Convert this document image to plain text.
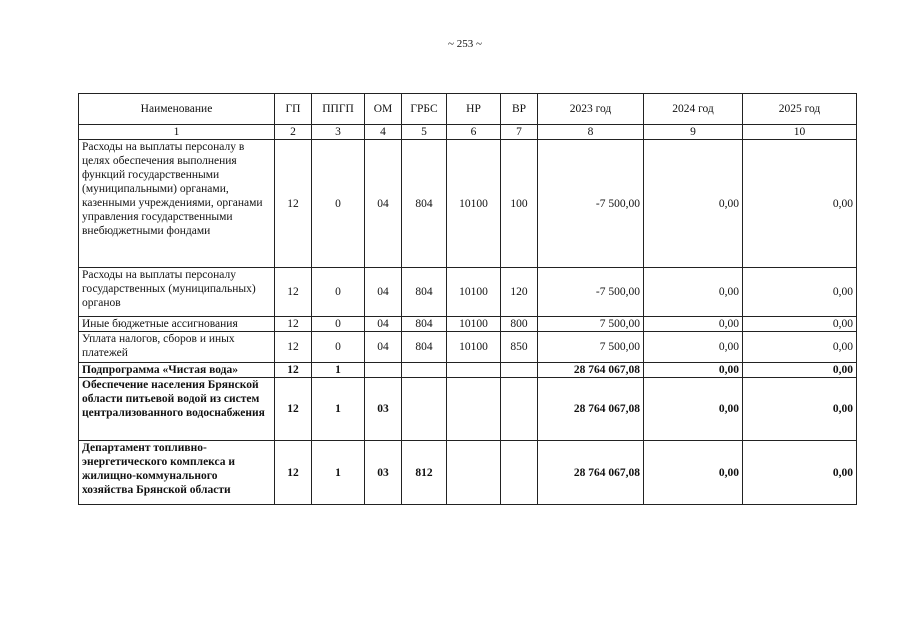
~ 253 ~
Наименование	ГП	ППГП	ОМ	ГРБС	НР	ВР	2023 год	2024 год	2025 год
1	2	3	4	5	6	7	8	9	10
Расходы на выплаты персоналу в целях обеспечения выполнения функций государственными (муниципальными) органами, казенными учреждениями, органами управления государственными внебюджетными фондами	12	0	04	804	10100	100	-7 500,00	0,00	0,00
Расходы на выплаты персоналу государственных (муниципальных) органов	12	0	04	804	10100	120	-7 500,00	0,00	0,00
Иные бюджетные ассигнования	12	0	04	804	10100	800	7 500,00	0,00	0,00
Уплата налогов, сборов и иных платежей	12	0	04	804	10100	850	7 500,00	0,00	0,00
Подпрограмма «Чистая вода»	12	1					28 764 067,08	0,00	0,00
Обеспечение населения Брянской области питьевой водой из систем централизованного водоснабжения	12	1	03				28 764 067,08	0,00	0,00
Департамент топливно-энергетического комплекса и жилищно-коммунального хозяйства Брянской области	12	1	03	812			28 764 067,08	0,00	0,00
